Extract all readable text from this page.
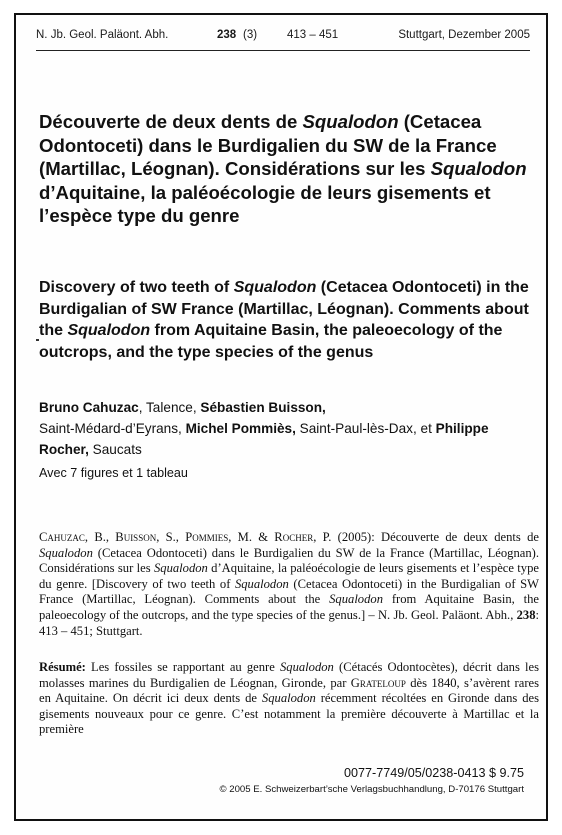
N. Jb. Geol. Paläont. Abh.	238 (3)	413 – 451	Stuttgart, Dezember 2005
Découverte de deux dents de Squalodon (Cetacea Odontoceti) dans le Burdigalien du SW de la France (Martillac, Léognan). Considérations sur les Squalodon d’Aquitaine, la paléoécologie de leurs gisements et l’espèce type du genre
Discovery of two teeth of Squalodon (Cetacea Odontoceti) in the Burdigalian of SW France (Martillac, Léognan). Comments about the Squalodon from Aquitaine Basin, the paleoecology of the outcrops, and the type species of the genus
Bruno Cahuzac, Talence, Sébastien Buisson,
Saint-Médard-d’Eyrans, Michel Pommiès, Saint-Paul-lès-Dax, et Philippe Rocher, Saucats
Avec 7 figures et 1 tableau
Cahuzac, B., Buisson, S., Pommies, M. & Rocher, P. (2005): Découverte de deux dents de Squalodon (Cetacea Odontoceti) dans le Burdigalien du SW de la France (Martillac, Léognan). Considérations sur les Squalodon d’Aquitaine, la paléoécologie de leurs gisements et l’espèce type du genre. [Discovery of two teeth of Squalodon (Cetacea Odontoceti) in the Burdigalian of SW France (Martillac, Léognan). Comments about the Squalodon from Aquitaine Basin, the paleoecology of the outcrops, and the type species of the genus.] – N. Jb. Geol. Paläont. Abh., 238: 413 – 451; Stuttgart.
Résumé: Les fossiles se rapportant au genre Squalodon (Cétacés Odontocètes), décrit dans les molasses marines du Burdigalien de Léognan, Gironde, par Grateloup dès 1840, s’avèrent rares en Aquitaine. On décrit ici deux dents de Squalodon récemment récoltées en Gironde dans des gisements nouveaux pour ce genre. C’est notamment la première découverte à Martillac et la première
0077-7749/05/0238-0413 $ 9.75
© 2005 E. Schweizerbart’sche Verlagsbuchhandlung, D-70176 Stuttgart
